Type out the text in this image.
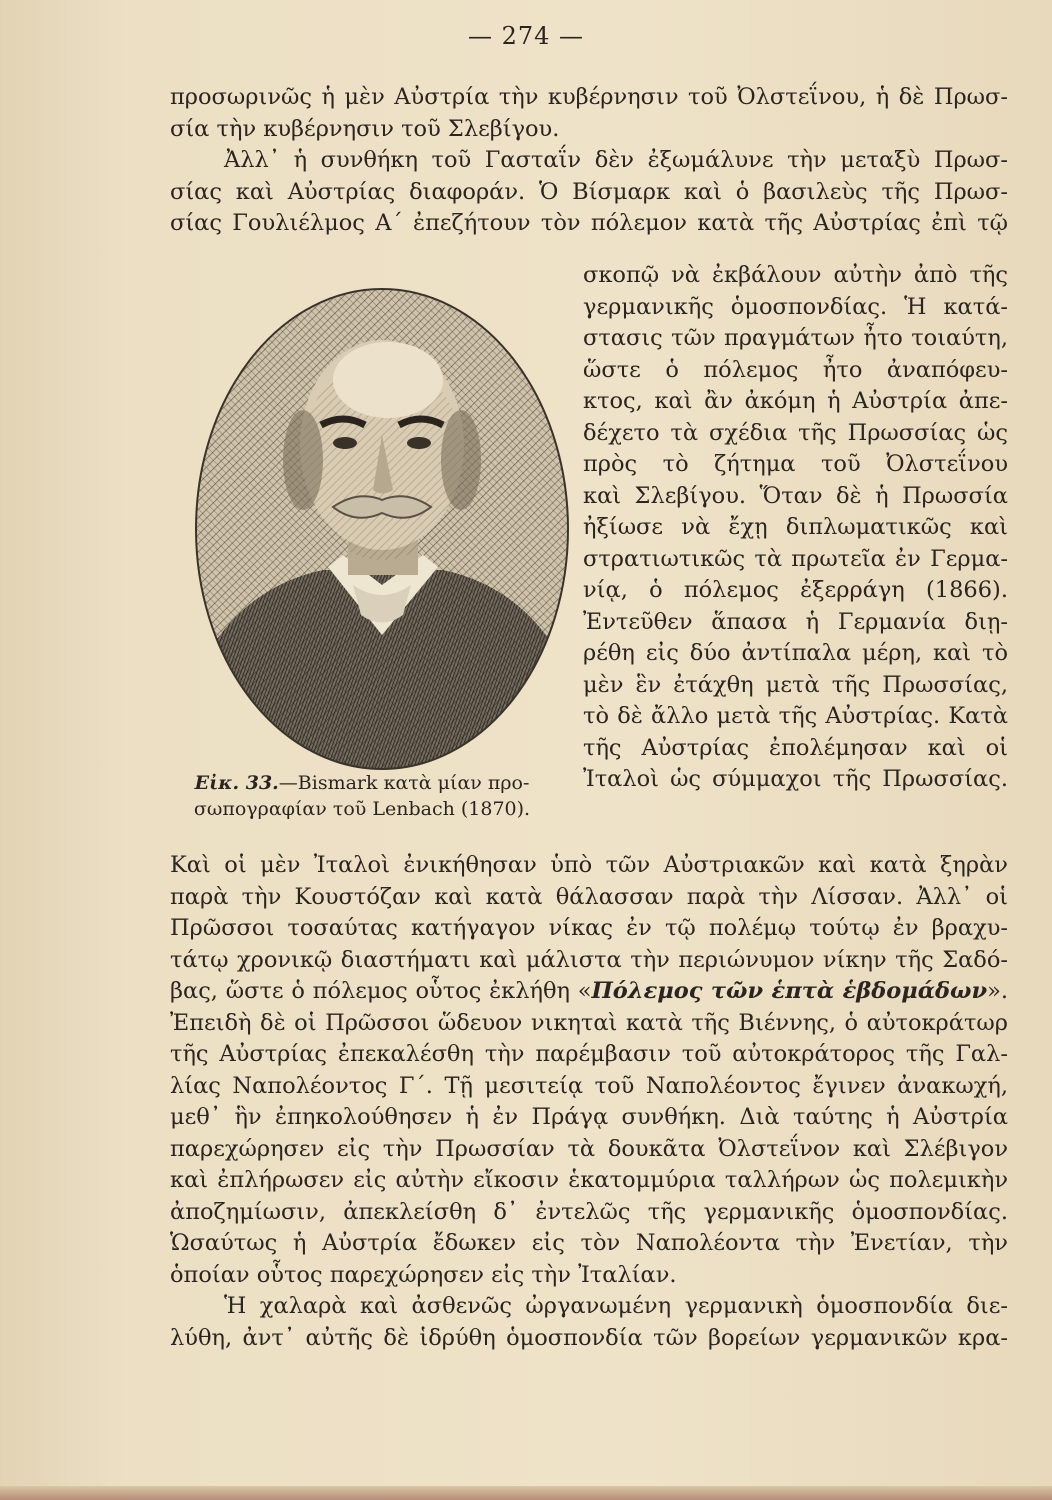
— 274 —
προσωρινῶς ἡ μὲν Αὐστρία τὴν κυβέρνησιν τοῦ Ὀλστεΐνου, ἡ δὲ Πρωσ-
σία τὴν κυβέρνησιν τοῦ Σλεβίγου.
Ἀλλ᾽ ἡ συνθήκη τοῦ Γασταΐν δὲν ἐξωμάλυνε τὴν μεταξὺ Πρωσ-
σίας καὶ Αὐστρίας διαφοράν. Ὁ Βίσμαρκ καὶ ὁ βασιλεὺς τῆς Πρωσ-
σίας Γουλιέλμος Α΄ ἐπεζήτουν τὸν πόλεμον κατὰ τῆς Αὐστρίας ἐπὶ τῷ
σκοπῷ νὰ ἐκβάλουν αὐτὴν ἀπὸ τῆς
γερμανικῆς ὁμοσπονδίας. Ἡ κατά-
στασις τῶν πραγμάτων ἦτο τοιαύτη,
ὥστε ὁ πόλεμος ἦτο ἀναπόφευ-
κτος, καὶ ἂν ἀκόμη ἡ Αὐστρία ἀπε-
δέχετο τὰ σχέδια τῆς Πρωσσίας ὡς
πρὸς τὸ ζήτημα τοῦ Ὀλστεΐνου
καὶ Σλεβίγου. Ὅταν δὲ ἡ Πρωσσία
ἠξίωσε νὰ ἔχῃ διπλωματικῶς καὶ
στρατιωτικῶς τὰ πρωτεῖα ἐν Γερμα-
νίᾳ, ὁ πόλεμος ἐξερράγη (1866).
Ἐντεῦθεν ἅπασα ἡ Γερμανία διῃ-
ρέθη εἰς δύο ἀντίπαλα μέρη, καὶ τὸ
μὲν ἓν ἐτάχθη μετὰ τῆς Πρωσσίας,
τὸ δὲ ἄλλο μετὰ τῆς Αὐστρίας. Κατὰ
τῆς Αὐστρίας ἐπολέμησαν καὶ οἱ
Ἰταλοὶ ὡς σύμμαχοι τῆς Πρωσσίας.
Εἰκ. 33.—Bismark κατὰ μίαν προ-
σωπογραφίαν τοῦ Lenbach (1870).
Καὶ οἱ μὲν Ἰταλοὶ ἐνικήθησαν ὑπὸ τῶν Αὐστριακῶν καὶ κατὰ ξηρὰν
παρὰ τὴν Κουστόζαν καὶ κατὰ θάλασσαν παρὰ τὴν Λίσσαν. Ἀλλ᾽ οἱ
Πρῶσσοι τοσαύτας κατήγαγον νίκας ἐν τῷ πολέμῳ τούτῳ ἐν βραχυ-
τάτῳ χρονικῷ διαστήματι καὶ μάλιστα τὴν περιώνυμον νίκην τῆς Σαδό-
βας, ὥστε ὁ πόλεμος οὗτος ἐκλήθη «Πόλεμος τῶν ἑπτὰ ἑβδομάδων».
Ἐπειδὴ δὲ οἱ Πρῶσσοι ὥδευον νικηταὶ κατὰ τῆς Βιέννης, ὁ αὐτοκράτωρ
τῆς Αὐστρίας ἐπεκαλέσθη τὴν παρέμβασιν τοῦ αὐτοκράτορος τῆς Γαλ-
λίας Ναπολέοντος Γ΄. Τῇ μεσιτείᾳ τοῦ Ναπολέοντος ἔγινεν ἀνακωχή,
μεθ᾽ ἣν ἐπηκολούθησεν ἡ ἐν Πράγᾳ συνθήκη. Διὰ ταύτης ἡ Αὐστρία
παρεχώρησεν εἰς τὴν Πρωσσίαν τὰ δουκᾶτα Ὀλστεΐνον καὶ Σλέβιγον
καὶ ἐπλήρωσεν εἰς αὐτὴν εἴκοσιν ἑκατομμύρια ταλλήρων ὡς πολεμικὴν
ἀποζημίωσιν, ἀπεκλείσθη δ᾽ ἐντελῶς τῆς γερμανικῆς ὁμοσπονδίας.
Ὡσαύτως ἡ Αὐστρία ἔδωκεν εἰς τὸν Ναπολέοντα τὴν Ἐνετίαν, τὴν
ὁποίαν οὗτος παρεχώρησεν εἰς τὴν Ἰταλίαν.
Ἡ χαλαρὰ καὶ ἀσθενῶς ὠργανωμένη γερμανικὴ ὁμοσπονδία διε-
λύθη, ἀντ᾽ αὐτῆς δὲ ἱδρύθη ὁμοσπονδία τῶν βορείων γερμανικῶν κρα-
